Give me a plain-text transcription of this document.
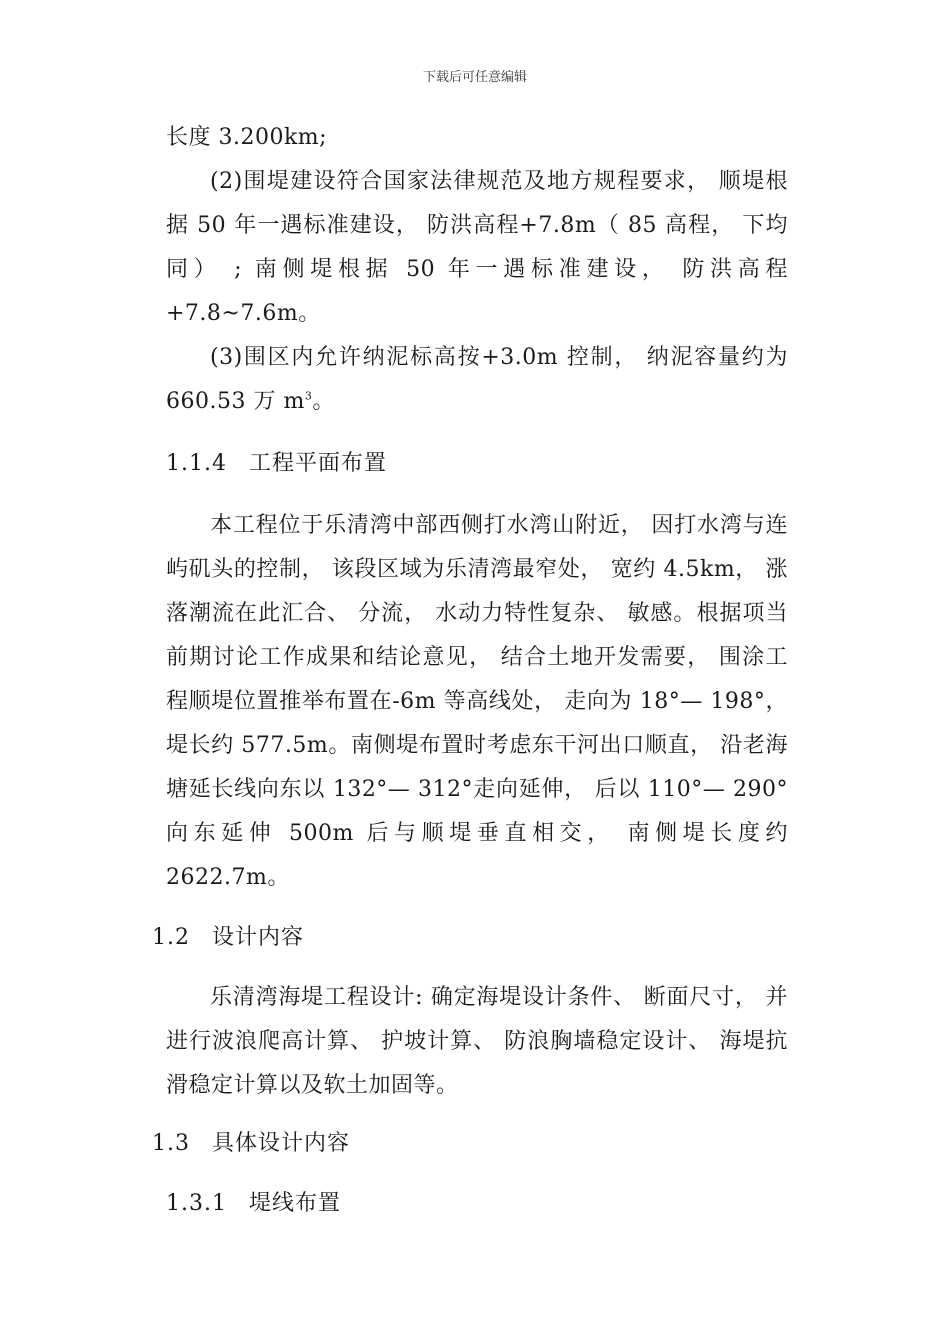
下载后可任意编辑

长度 3.200km;

(2)围堤建设符合国家法律规范及地方规程要求， 顺堤根据 50 年一遇标准建设， 防洪高程+7.8m（ 85 高程， 下均同） ; 南侧堤根据 50 年一遇标准建设， 防洪高程+7.8~7.6m。

(3)围区内允许纳泥标高按+3.0m 控制， 纳泥容量约为 660.53 万 $m^3$。

1.1.4 工程平面布置

本工程位于乐清湾中部西侧打水湾山附近， 因打水湾与连屿矶头的控制， 该段区域为乐清湾最窄处， 宽约 4.5km， 涨落潮流在此汇合、 分流， 水动力特性复杂、 敏感。根据项当前期讨论工作成果和结论意见， 结合土地开发需要， 围涂工程顺堤位置推举布置在-6m 等高线处， 走向为 18°— 198°， 堤长约 577.5m。南侧堤布置时考虑东干河出口顺直， 沿老海塘延长线向东以 132°— 312°走向延伸， 后以 110°— 290°向东延伸 500m 后与顺堤垂直相交， 南侧堤长度约 2622.7m。

1.2 设计内容

乐清湾海堤工程设计: 确定海堤设计条件、 断面尺寸， 并进行波浪爬高计算、 护坡计算、 防浪胸墙稳定设计、 海堤抗滑稳定计算以及软土加固等。

1.3 具体设计内容

1.3.1 堤线布置
